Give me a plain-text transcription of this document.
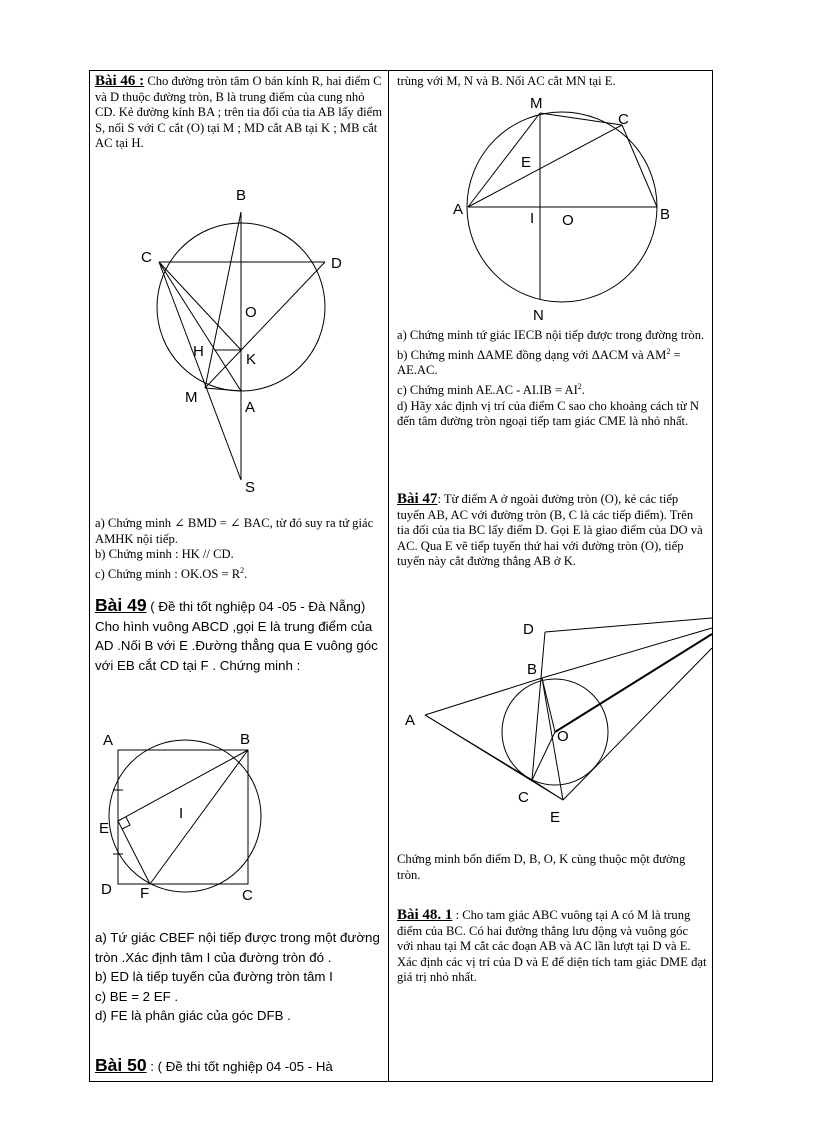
Bài 46 : Cho đường tròn tâm O bán kính R, hai điểm C và D thuộc đường tròn, B là trung điểm của cung nhỏ CD. Kẻ đường kính BA ; trên tia đối của tia AB lấy điểm S, nối S với C cắt (O) tại M ; MD cắt AB tại K ; MB cắt AC tại H.

B
C	D
O
H	K
M
A
S

a) Chứng minh ∠ BMD = ∠ BAC, từ đó suy ra tứ giác AMHK nội tiếp.

b) Chứng minh : HK // CD.

c) Chứng minh : $OK.OS = R^2$.

Bài 49 ( Đề thi tốt nghiệp 04 -05 - Đà Nẵng)

Cho hình vuông ABCD ,gọi E là trung điểm của AD .Nối B với E .Đường thẳng qua E vuông góc với EB cắt CD tại F . Chứng minh :

A	B
E
I
D F	C

a) Tứ giác CBEF nội tiếp được trong một đường tròn .Xác định tâm I của đường tròn đó .

b) ED là tiếp tuyến của đường tròn tâm I

c) BE = 2 EF .

d) FE là phân giác của góc DFB .

Bài 50 : ( Đề thi tốt nghiệp 04 -05 - Hà

trùng với M, N và B. Nối AC cắt MN tại E.

M
C
E
A
I O	B
N

a) Chứng minh tứ giác IECB nội tiếp được trong đường tròn.

b) Chứng minh ΔAME đồng dạng với ΔACM và $AM^2 = AE.AC$.

c) Chứng minh $AE.AC - AI.IB = AI^2$.

d) Hãy xác định vị trí của điểm C sao cho khoảng cách từ N đến tâm đường tròn ngoại tiếp tam giác CME là nhỏ nhất.

Bài 47: Từ điểm A ở ngoài đường tròn (O), kẻ các tiếp tuyến AB, AC với đường tròn (B, C là các tiếp điểm). Trên tia đối của tia BC lấy điểm D. Gọi E là giao điểm của DO và AC. Qua E vẽ tiếp tuyến thứ hai với đường tròn (O), tiếp tuyến này cắt đường thẳng AB ở K.

D
B
A
O
C
E

Chứng minh bốn điểm D, B, O, K cùng thuộc một đường tròn.

Bài 48. 1 : Cho tam giác ABC vuông tại A có M là trung điểm của BC. Có hai đường thẳng lưu động và vuông góc với nhau tại M cắt các đoạn AB và AC lần lượt tại D và E. Xác định các vị trí của D và E để diện tích tam giác DME đạt giá trị nhỏ nhất.
